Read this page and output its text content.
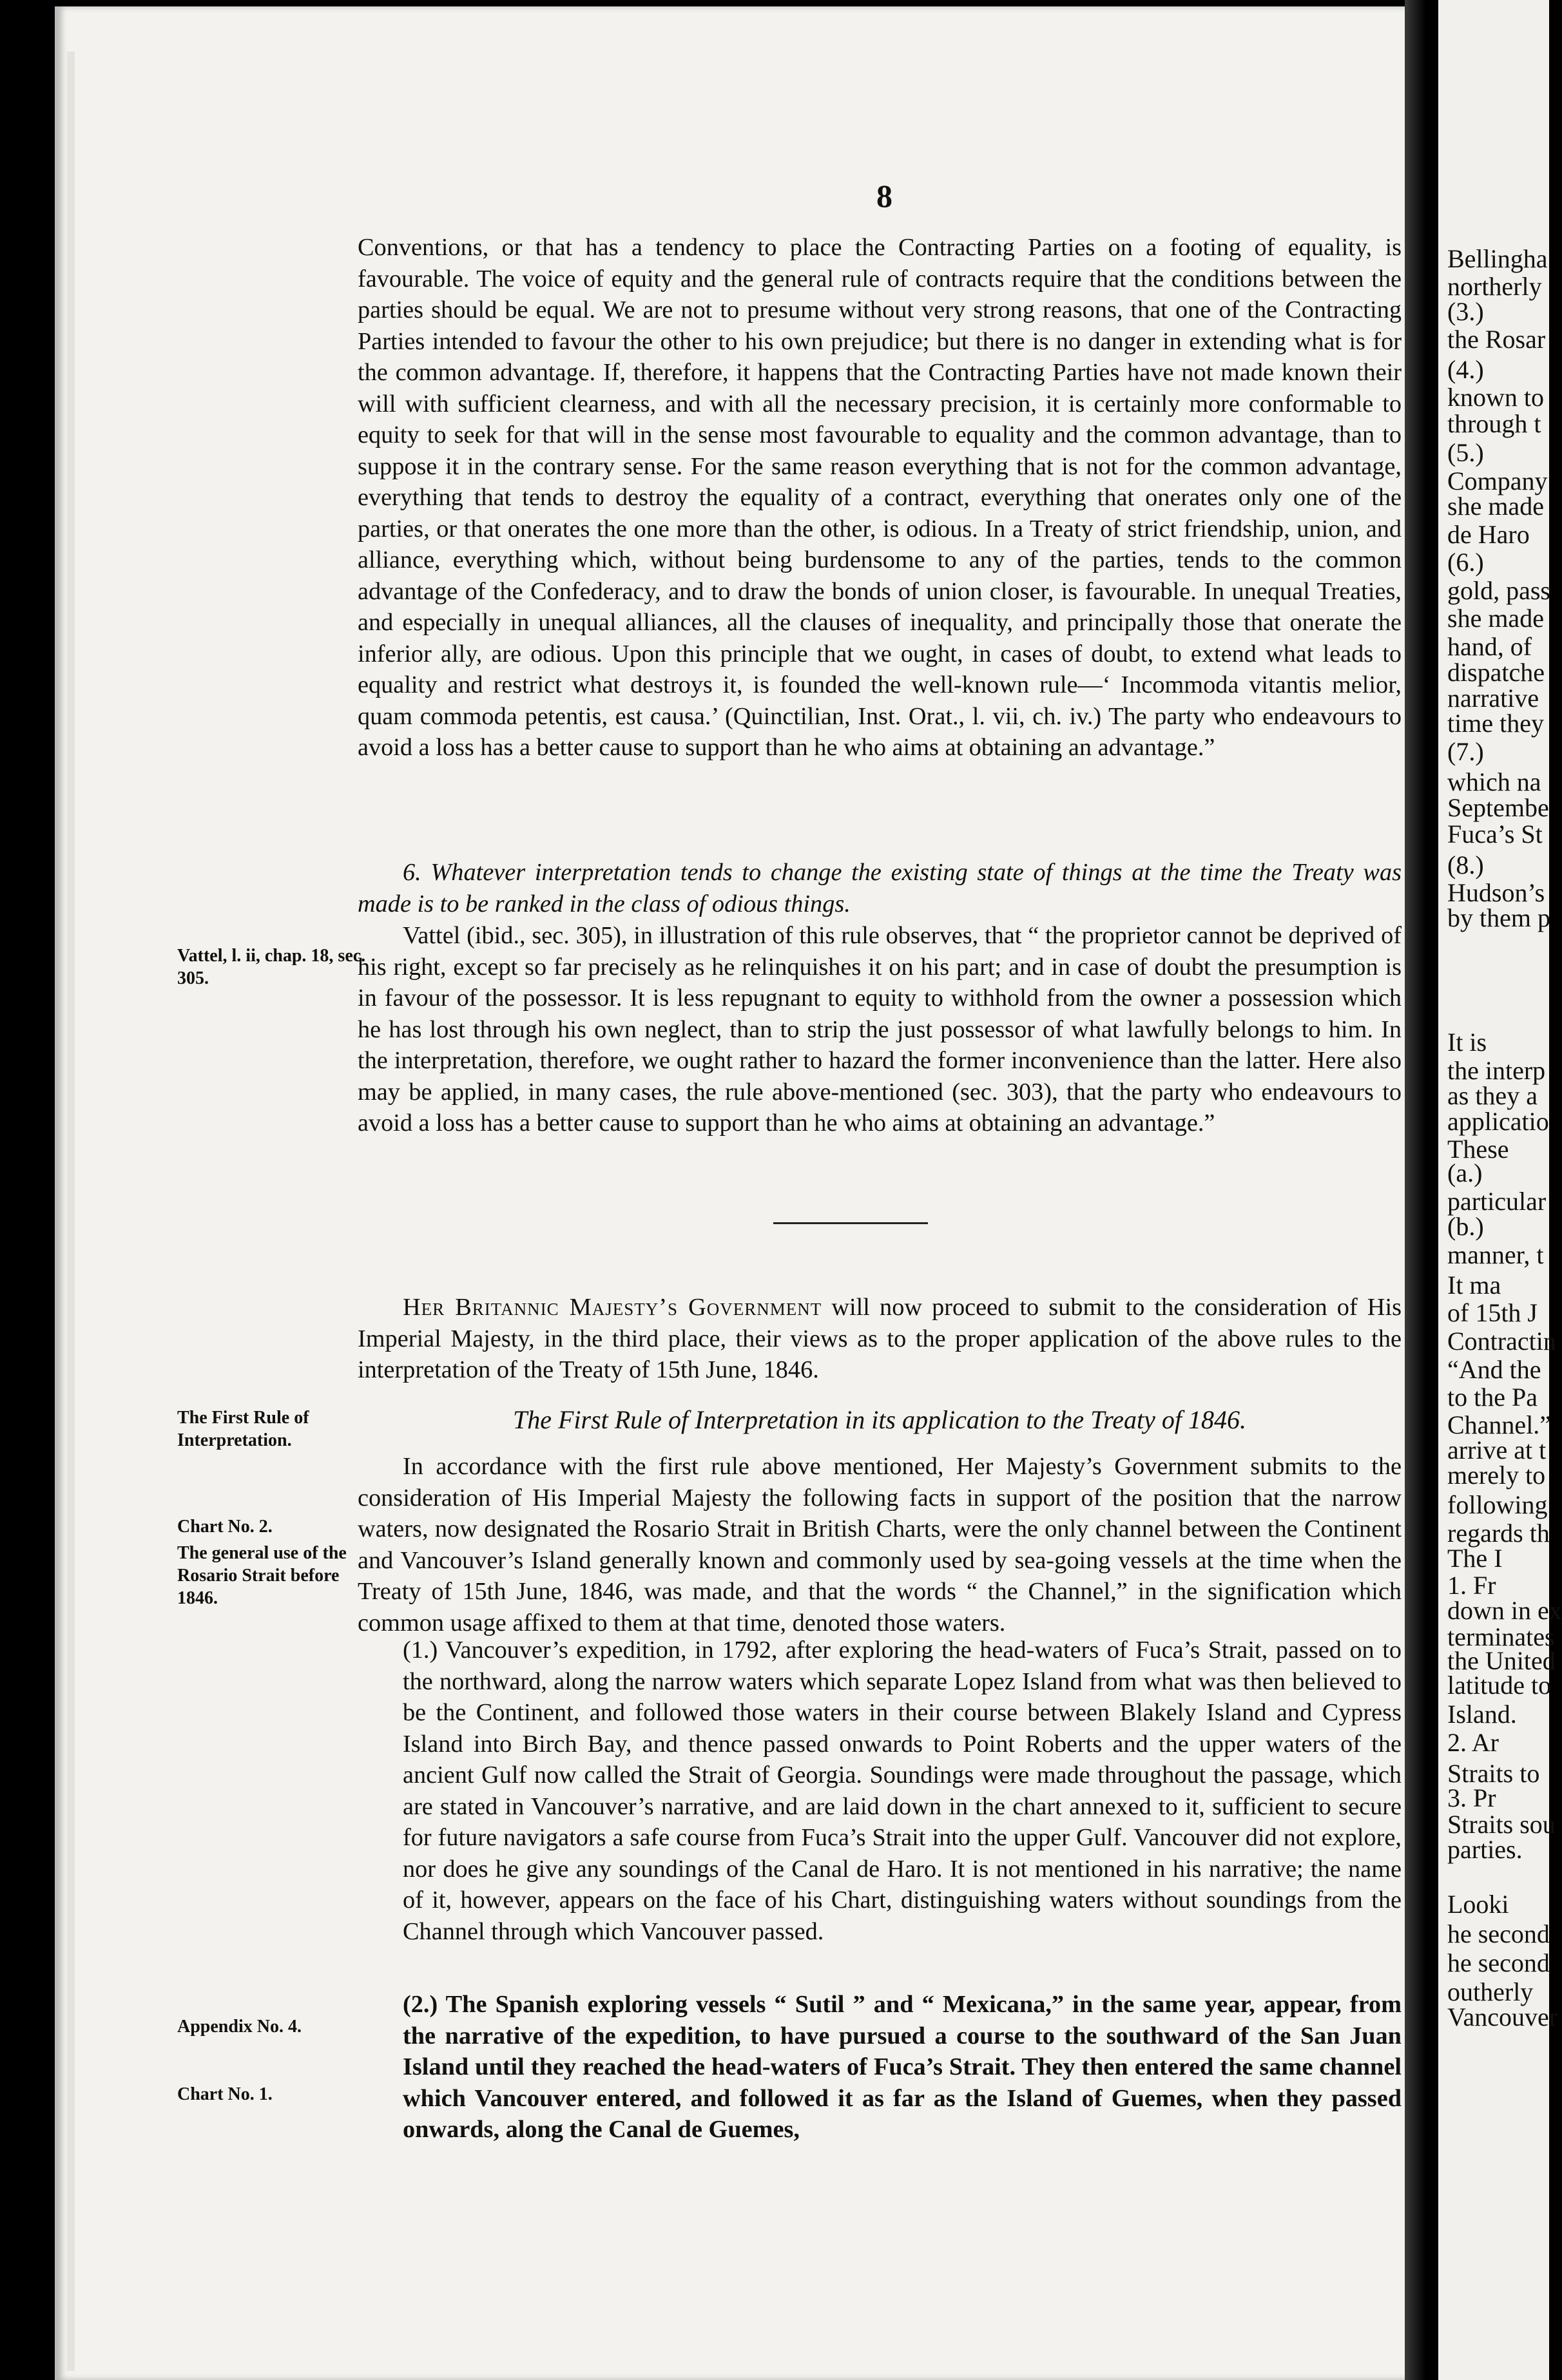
8

Conventions, or that has a tendency to place the Contracting Parties on a footing of equality, is favourable. The voice of equity and the general rule of contracts require that the conditions between the parties should be equal. We are not to presume without very strong reasons, that one of the Contracting Parties intended to favour the other to his own prejudice; but there is no danger in extending what is for the common advantage. If, therefore, it happens that the Contracting Parties have not made known their will with sufficient clearness, and with all the necessary precision, it is certainly more conformable to equity to seek for that will in the sense most favourable to equality and the common advantage, than to suppose it in the contrary sense. For the same reason everything that is not for the common advantage, everything that tends to destroy the equality of a contract, everything that onerates only one of the parties, or that onerates the one more than the other, is odious. In a Treaty of strict friendship, union, and alliance, everything which, without being burdensome to any of the parties, tends to the common advantage of the Confederacy, and to draw the bonds of union closer, is favourable. In unequal Treaties, and especially in unequal alliances, all the clauses of inequality, and principally those that onerate the inferior ally, are odious. Upon this principle that we ought, in cases of doubt, to extend what leads to equality and restrict what destroys it, is founded the well-known rule—‘ Incommoda vitantis melior, quam commoda petentis, est causa.’ (Quinctilian, Inst. Orat., l. vii, ch. iv.) The party who endeavours to avoid a loss has a better cause to support than he who aims at obtaining an advantage.”

6. Whatever interpretation tends to change the existing state of things at the time the Treaty was made is to be ranked in the class of odious things.

Vattel (ibid., sec. 305), in illustration of this rule observes, that “ the proprietor cannot be deprived of his right, except so far precisely as he relinquishes it on his part; and in case of doubt the presumption is in favour of the possessor. It is less repugnant to equity to withhold from the owner a possession which he has lost through his own neglect, than to strip the just possessor of what lawfully belongs to him. In the interpretation, therefore, we ought rather to hazard the former inconvenience than the latter. Here also may be applied, in many cases, the rule above-mentioned (sec. 303), that the party who endeavours to avoid a loss has a better cause to support than he who aims at obtaining an advantage.”

Her Britannic Majesty’s Government will now proceed to submit to the consideration of His Imperial Majesty, in the third place, their views as to the proper application of the above rules to the interpretation of the Treaty of 15th June, 1846.

The First Rule of Interpretation in its application to the Treaty of 1846.

In accordance with the first rule above mentioned, Her Majesty’s Government submits to the consideration of His Imperial Majesty the following facts in support of the position that the narrow waters, now designated the Rosario Strait in British Charts, were the only channel between the Continent and Vancouver’s Island generally known and commonly used by sea-going vessels at the time when the Treaty of 15th June, 1846, was made, and that the words “ the Channel,” in the signification which common usage affixed to them at that time, denoted those waters.

(1.) Vancouver’s expedition, in 1792, after exploring the head-waters of Fuca’s Strait, passed on to the northward, along the narrow waters which separate Lopez Island from what was then believed to be the Continent, and followed those waters in their course between Blakely Island and Cypress Island into Birch Bay, and thence passed onwards to Point Roberts and the upper waters of the ancient Gulf now called the Strait of Georgia. Soundings were made throughout the passage, which are stated in Vancouver’s narrative, and are laid down in the chart annexed to it, sufficient to secure for future navigators a safe course from Fuca’s Strait into the upper Gulf. Vancouver did not explore, nor does he give any soundings of the Canal de Haro. It is not mentioned in his narrative; the name of it, however, appears on the face of his Chart, distinguishing waters without soundings from the Channel through which Vancouver passed.

(2.) The Spanish exploring vessels “ Sutil ” and “ Mexicana,” in the same year, appear, from the narrative of the expedition, to have pursued a course to the southward of the San Juan Island until they reached the head-waters of Fuca’s Strait. They then entered the same channel which Vancouver entered, and followed it as far as the Island of Guemes, when they passed onwards, along the Canal de Guemes,

Vattel, l. ii, chap. 18, sec. 305.
The First Rule of Interpretation.
Chart No. 2.
The general use of the Rosario Strait before 1846.
Appendix No. 4.
Chart No. 1.
Bellingha
northerly
(3.)
the Rosar
(4.)
known to
through t
(5.)
Company
she made
de Haro
(6.)
gold, pass
she made
hand, of
dispatche
narrative
time they
(7.)
which na
Septembe
Fuca’s St
(8.)
Hudson’s
by them p
It is
the interp
as they a
applicatio
These
(a.)
particular
(b.)
manner, t
It ma
of 15th J
Contractin
“And the
to the Pa
Channel.”
arrive at t
merely to
following
regards th
The I
1. Fr
down in ex
terminates
the United
latitude to
Island.
2. Ar
Straits to
3. Pr
Straits sou
parties.
Looki
he second
he second
outherly
Vancouver
